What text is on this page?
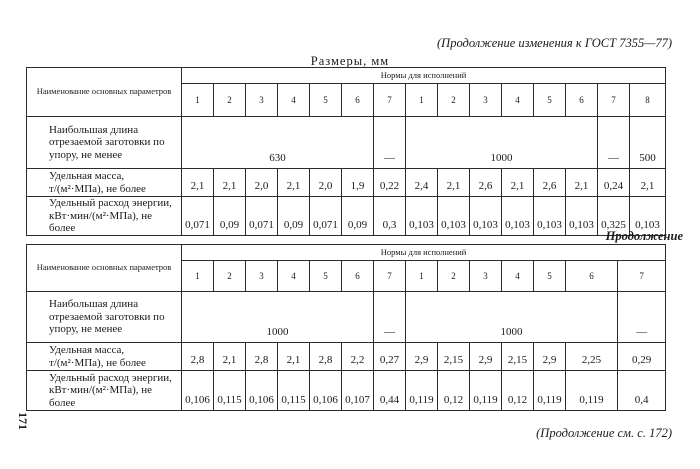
(Продолжение изменения к ГОСТ 7355—77)
Размеры, мм
Наименование основных параметров	Нормы для исполнений														
	1	2	3	4	5	6	7	1	2	3	4	5	6	7	8
Наибольшая длина отрезаемой заготовки по упору, не менее	630						—	1000						—	500
Удельная масса, т/(м²·МПа), не более	2,1	2,1	2,0	2,1	2,0	1,9	0,22	2,4	2,1	2,6	2,1	2,6	2,1	0,24	2,1
Удельный расход энергии, кВт·мин/(м²·МПа), не более	0,071	0,09	0,071	0,09	0,071	0,09	0,3	0,103	0,103	0,103	0,103	0,103	0,103	0,325	0,103
Продолжение
Наименование основных параметров	Нормы для исполнений													
	1	2	3	4	5	6	7	1	2	3	4	5	6	7
Наибольшая длина отрезаемой заготовки по упору, не менее	1000						—	1000						—
Удельная масса, т/(м²·МПа), не более	2,8	2,1	2,8	2,1	2,8	2,2	0,27	2,9	2,15	2,9	2,15	2,9	2,25	0,29
Удельный расход энергии, кВт·мин/(м²·МПа), не более	0,106	0,115	0,106	0,115	0,106	0,107	0,44	0,119	0,12	0,119	0,12	0,119	0,119	0,4
171
(Продолжение см. с. 172)
